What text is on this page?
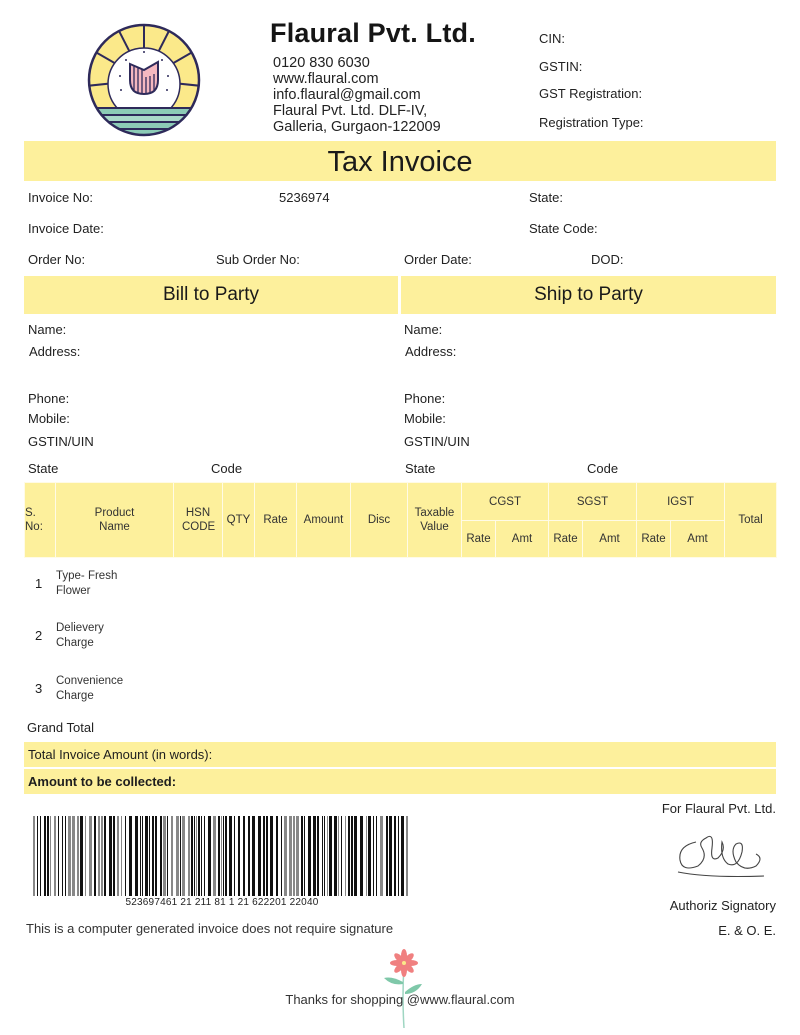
Flaural Pvt. Ltd.
0120 830 6030
www.flaural.com
info.flaural@gmail.com
Flaural Pvt. Ltd. DLF-IV,
Galleria, Gurgaon-122009
CIN:
GSTIN:
GST Registration:
Registration Type:
Tax Invoice
Invoice No:	5236974	State:
Invoice Date:	State Code:
Order No:	Sub Order No:	Order Date:	DOD:
Bill to Party	Ship to Party
Name:
Address:
Phone:
Mobile:
GSTIN/UIN
State	Code
Name:
Address:
Phone:
Mobile:
GSTIN/UIN
State	Code
S. No:	Product Name	HSN CODE	QTY	Rate	Amount	Disc	Taxable Value	CGST		SGST		IGST		Total
								Rate	Amt	Rate	Amt	Rate	Amt	
1 Type- Fresh
Flower
2 Delievery
Charge
3 Convenience
Charge
Grand Total
Total Invoice Amount (in words):
Amount to be collected:
523697461 21 211 81 1 21 622201 22040
This is a computer generated invoice does not require signature
For Flaural Pvt. Ltd.
Authoriz Signatory
E. & O. E.
Thanks for shopping @www.flaural.com
